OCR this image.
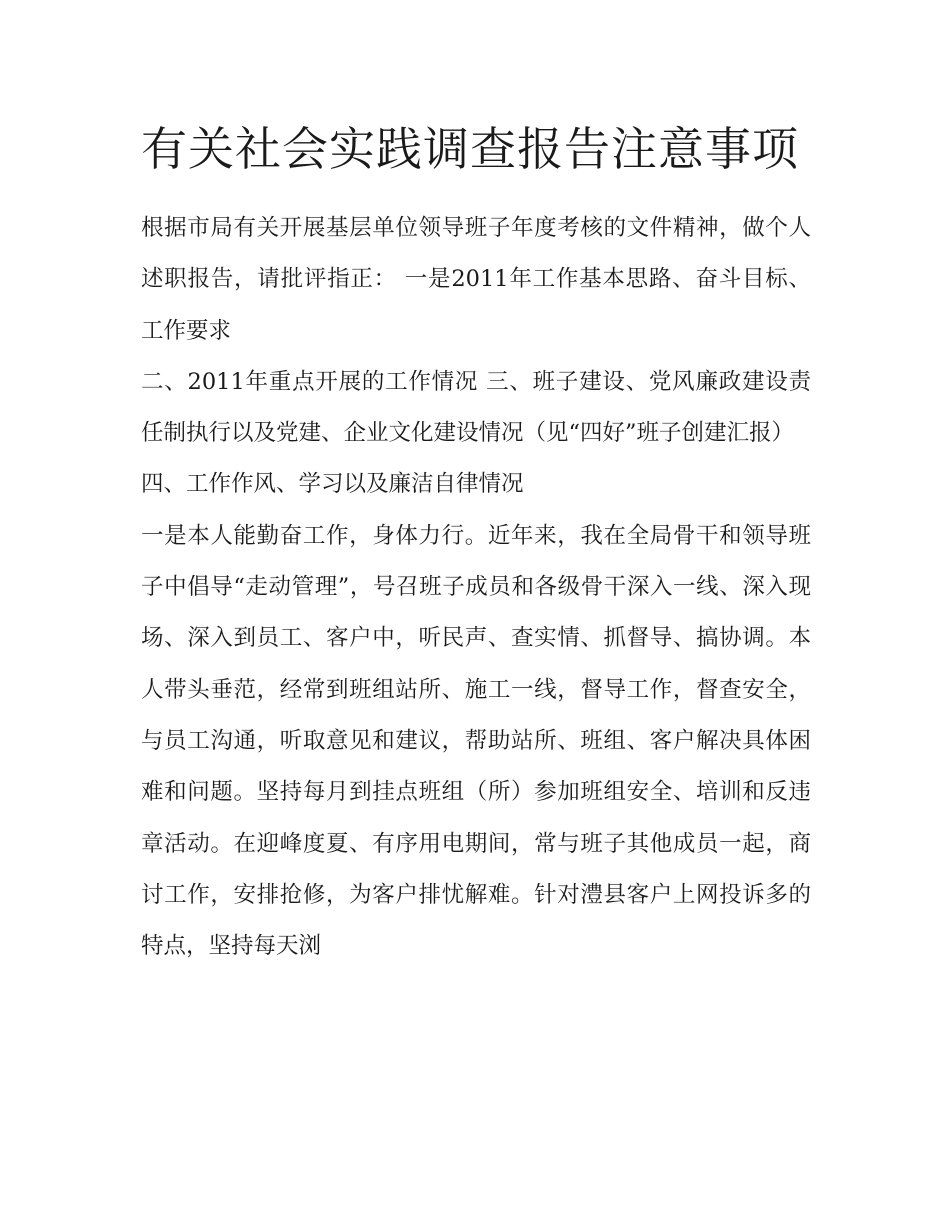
有关社会实践调查报告注意事项

根据市局有关开展基层单位领导班子年度考核的文件精神，做个人述职报告，请批评指正： 一是2011年工作基本思路、奋斗目标、工作要求

二、2011年重点开展的工作情况 三、班子建设、党风廉政建设责任制执行以及党建、企业文化建设情况（见“四好”班子创建汇报）

四、工作作风、学习以及廉洁自律情况

一是本人能勤奋工作，身体力行。近年来，我在全局骨干和领导班子中倡导“走动管理”，号召班子成员和各级骨干深入一线、深入现场、深入到员工、客户中，听民声、查实情、抓督导、搞协调。本人带头垂范，经常到班组站所、施工一线，督导工作，督查安全，与员工沟通，听取意见和建议，帮助站所、班组、客户解决具体困难和问题。坚持每月到挂点班组（所）参加班组安全、培训和反违章活动。在迎峰度夏、有序用电期间，常与班子其他成员一起，商讨工作，安排抢修，为客户排忧解难。针对澧县客户上网投诉多的特点，坚持每天浏
